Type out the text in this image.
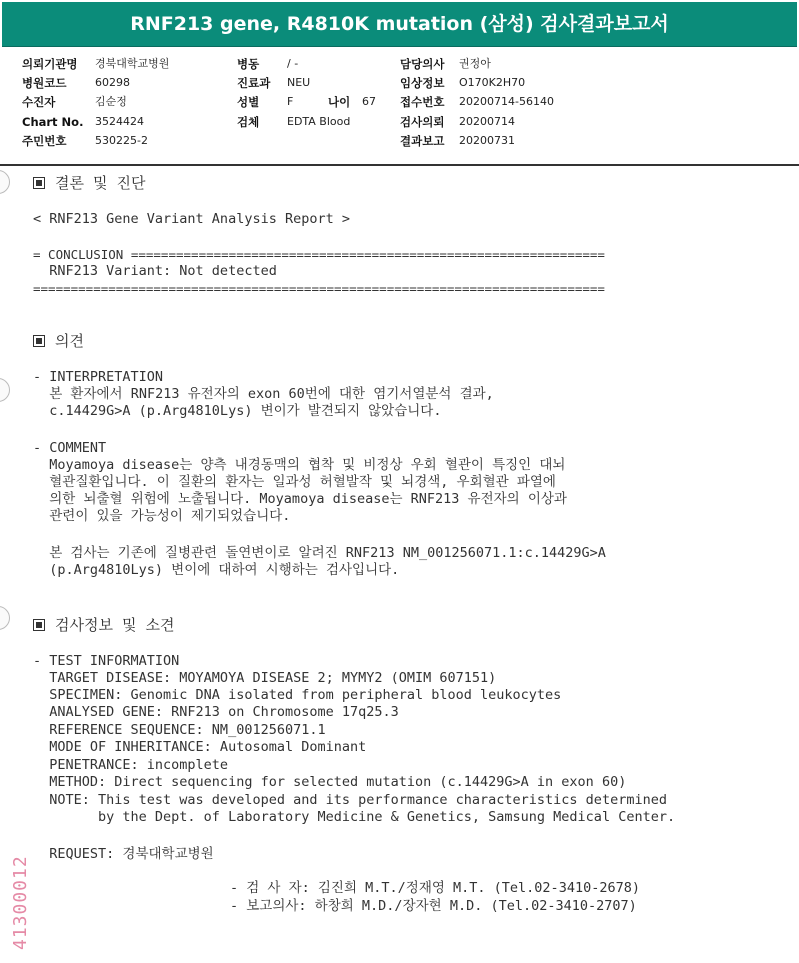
RNF213 gene, R4810K mutation (삼성) 검사결과보고서
의뢰기관명 경북대학교병원	병동	/ -	담당의사 권정아
병원코드	60298	진료과 NEU	임상정보 O170K2H70
수진자	김순정	성별	F	나이 67 접수번호 20200714-56140
Chart No. 3524424	검체	EDTA Blood	검사의뢰 20200714
주민번호	530225-2	결과보고 20200731
결론 및 진단
< RNF213 Gene Variant Analysis Report >
= CONCLUSION ===============================================================
RNF213 Variant: Not detected
============================================================================
의견
- INTERPRETATION
본 환자에서 RNF213 유전자의 exon 60번에 대한 염기서열분석 결과,
c.14429G>A (p.Arg4810Lys) 변이가 발견되지 않았습니다.
- COMMENT
Moyamoya disease는 양측 내경동맥의 협착 및 비정상 우회 혈관이 특징인 대뇌
혈관질환입니다. 이 질환의 환자는 일과성 허혈발작 및 뇌경색, 우회혈관 파열에
의한 뇌출혈 위험에 노출됩니다. Moyamoya disease는 RNF213 유전자의 이상과
관련이 있을 가능성이 제기되었습니다.
본 검사는 기존에 질병관련 돌연변이로 알려진 RNF213 NM_001256071.1:c.14429G>A
(p.Arg4810Lys) 변이에 대하여 시행하는 검사입니다.
검사정보 및 소견
- TEST INFORMATION
TARGET DISEASE: MOYAMOYA DISEASE 2; MYMY2 (OMIM 607151)
SPECIMEN: Genomic DNA isolated from peripheral blood leukocytes
ANALYSED GENE: RNF213 on Chromosome 17q25.3
REFERENCE SEQUENCE: NM_001256071.1
MODE OF INHERITANCE: Autosomal Dominant
PENETRANCE: incomplete
METHOD: Direct sequencing for selected mutation (c.14429G>A in exon 60)
NOTE: This test was developed and its performance characteristics determined
by the Dept. of Laboratory Medicine & Genetics, Samsung Medical Center.
REQUEST: 경북대학교병원
- 검 사 자: 김진희 M.T./정재영 M.T. (Tel.02-3410-2678)
- 보고의사: 하창희 M.D./장자현 M.D. (Tel.02-3410-2707)
41300012
